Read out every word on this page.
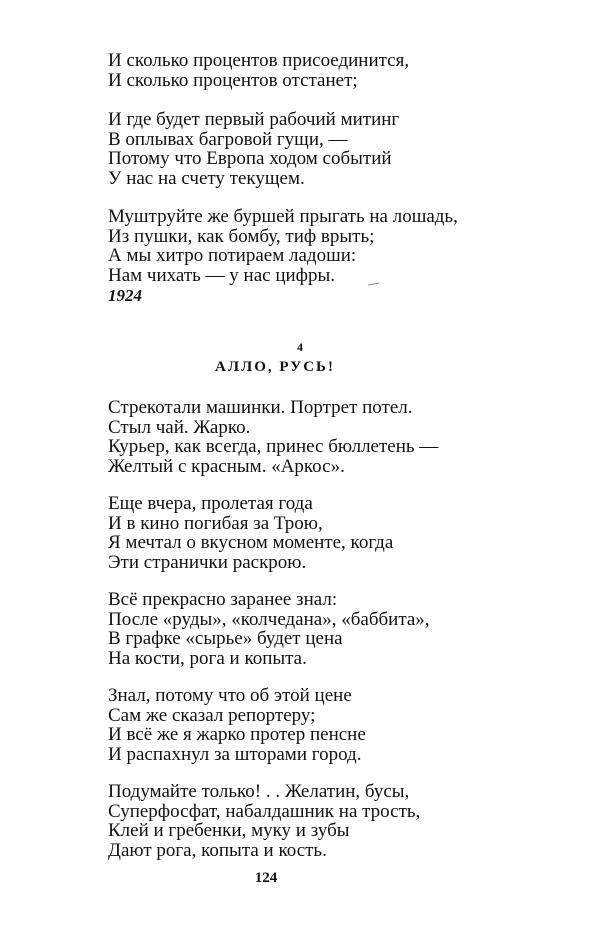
И сколько процентов присоединится,
И сколько процентов отстанет;
И где будет первый рабочий митинг
В оплывах багровой гущи, —
Потому что Европа ходом событий
У нас на счету текущем.
Муштруйте же буршей прыгать на лошадь,
Из пушки, как бомбу, тиф врыть;
А мы хитро потираем ладоши:
Нам чихать — у нас цифры.
1924
4
АЛЛО, РУСЬ!
Стрекотали машинки. Портрет потел.
Стыл чай. Жарко.
Курьер, как всегда, принес бюллетень —
Желтый с красным. «Аркос».
Еще вчера, пролетая года
И в кино погибая за Трою,
Я мечтал о вкусном моменте, когда
Эти странички раскрою.
Всё прекрасно заранее знал:
После «руды», «колчедана», «баббита»,
В графке «сырье» будет цена
На кости, рога и копыта.
Знал, потому что об этой цене
Сам же сказал репортеру;
И всё же я жарко протер пенсне
И распахнул за шторами город.
Подумайте только! . . Желатин, бусы,
Суперфосфат, набалдашник на трость,
Клей и гребенки, муку и зубы
Дают рога, копыта и кость.
124
